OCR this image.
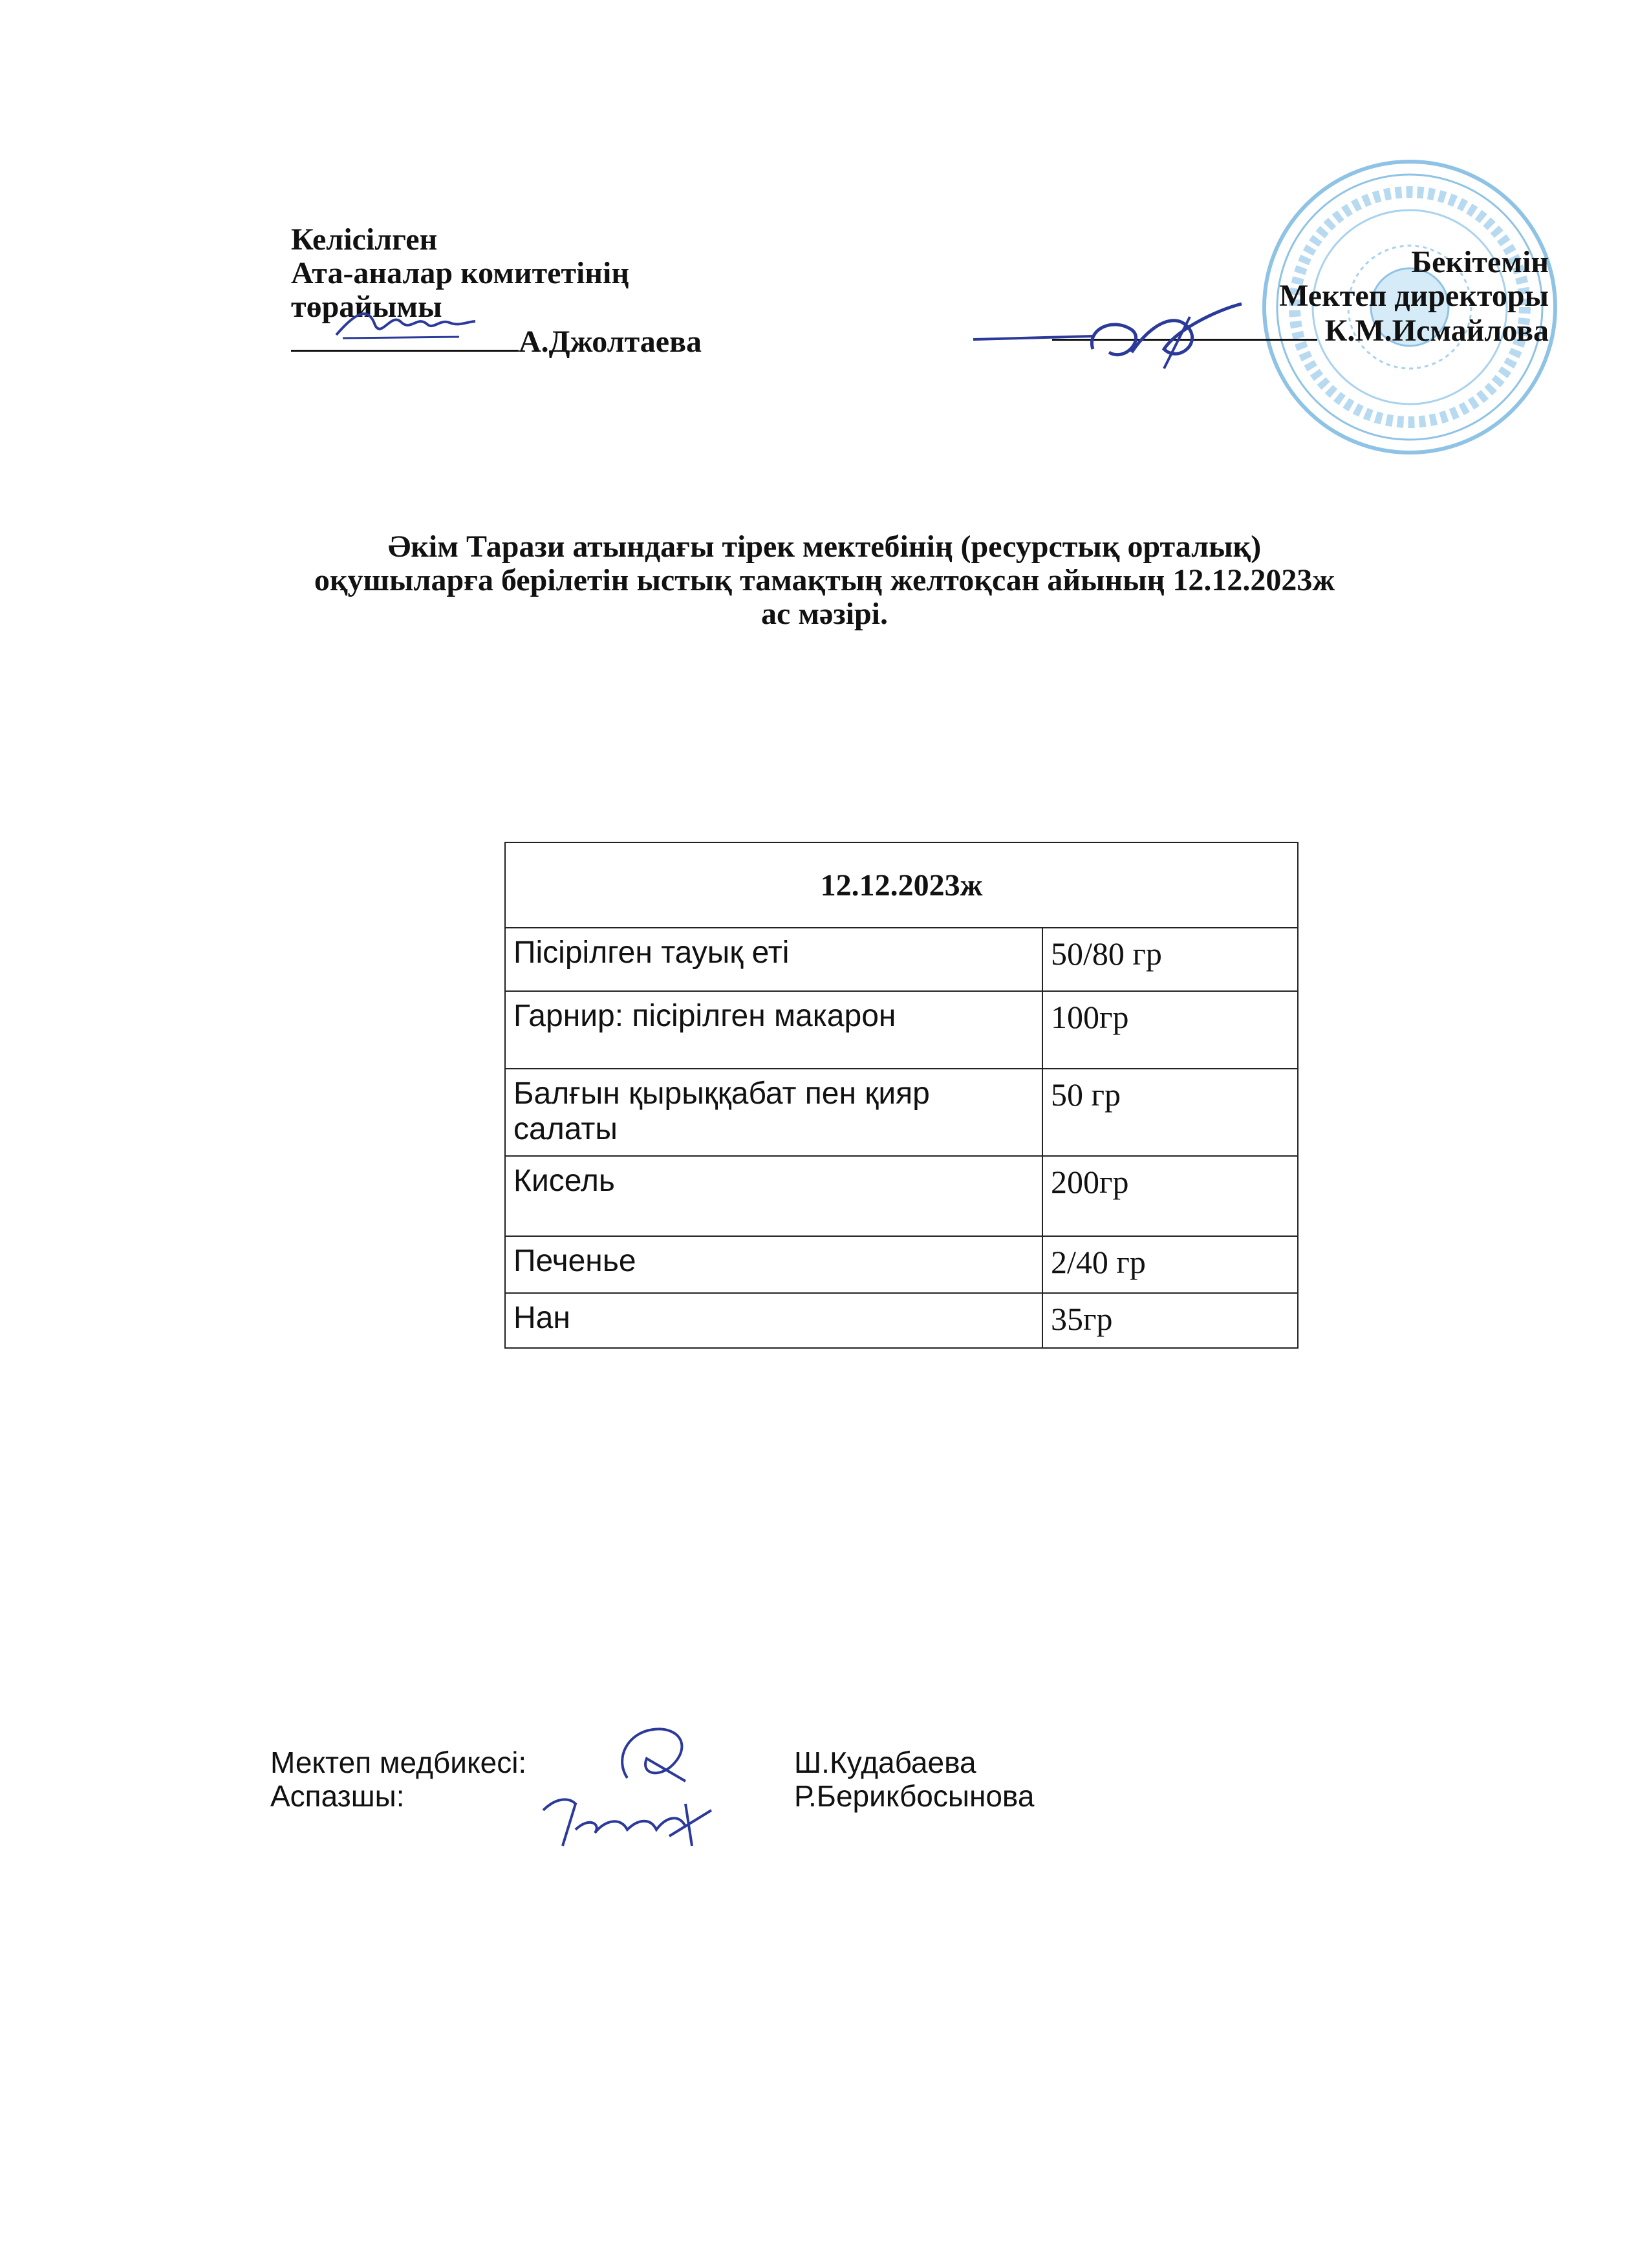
Келісілген
Ата-аналар комитетінің
төрайымы
А.Джолтаева
Бекітемін
Мектеп директоры
К.М.Исмайлова
Әкім Тарази атындағы тірек мектебінің (ресурстық орталық)
оқушыларға берілетін ыстық тамақтың желтоқсан айының 12.12.2023ж
ас мәзірі.
12.12.2023ж	
Пісірілген тауық еті	50/80 гр
Гарнир: пісірілген макарон	100гр
Балғын қырыққабат пен қияр салаты	50 гр
Кисель	200гр
Печенье	2/40 гр
Нан	35гр
Мектеп медбикесі:
Аспазшы:
Ш.Кудабаева
Р.Берикбосынова
